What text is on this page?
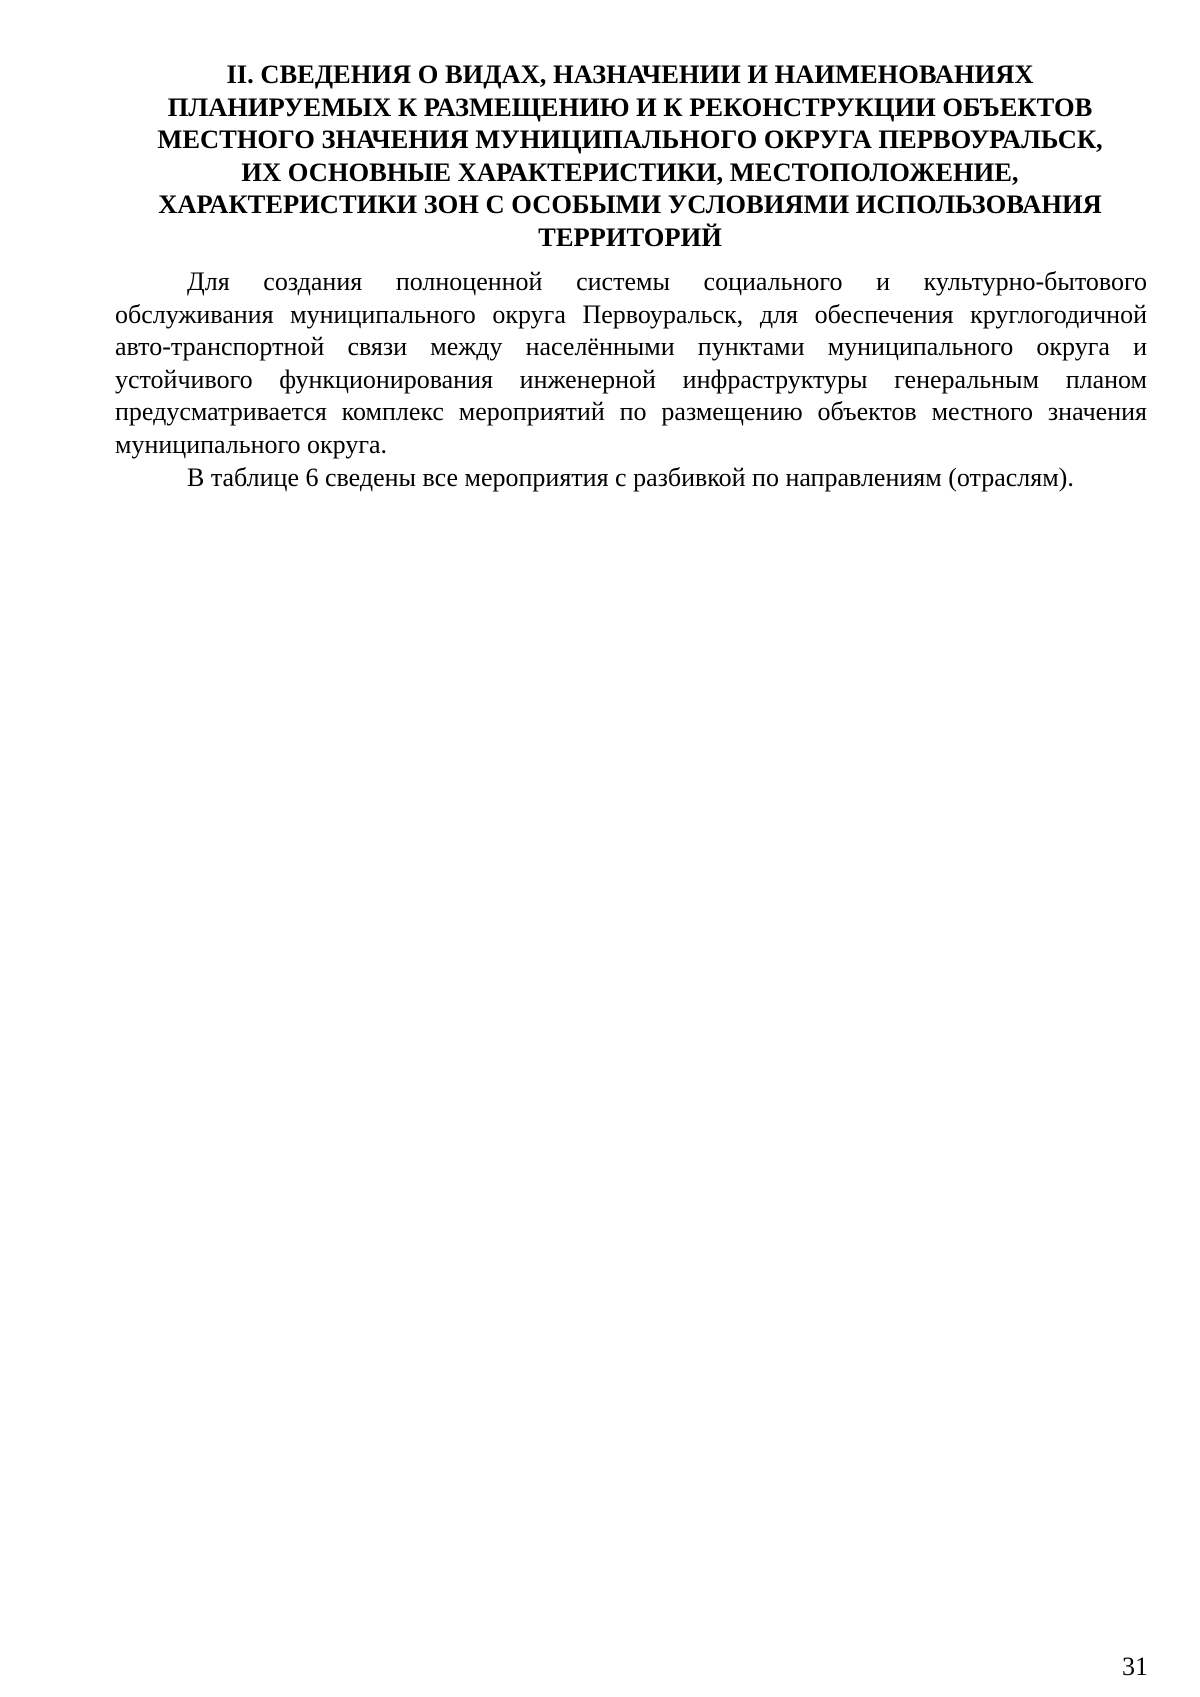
II. СВЕДЕНИЯ О ВИДАХ, НАЗНАЧЕНИИ И НАИМЕНОВАНИЯХ
ПЛАНИРУЕМЫХ К РАЗМЕЩЕНИЮ И К РЕКОНСТРУКЦИИ ОБЪЕКТОВ
МЕСТНОГО ЗНАЧЕНИЯ МУНИЦИПАЛЬНОГО ОКРУГА ПЕРВОУРАЛЬСК,
ИХ ОСНОВНЫЕ ХАРАКТЕРИСТИКИ, МЕСТОПОЛОЖЕНИЕ,
ХАРАКТЕРИСТИКИ ЗОН С ОСОБЫМИ УСЛОВИЯМИ ИСПОЛЬЗОВАНИЯ
ТЕРРИТОРИЙ

Для создания полноценной системы социального и культурно-бытового обслуживания муниципального округа Первоуральск, для обеспечения круглогодичной авто-транспортной связи между населёнными пунктами муниципального округа и устойчивого функционирования инженерной инфраструктуры генеральным планом предусматривается комплекс мероприятий по размещению объектов местного значения муниципального округа.

В таблице 6 сведены все мероприятия с разбивкой по направлениям (отраслям).

31
